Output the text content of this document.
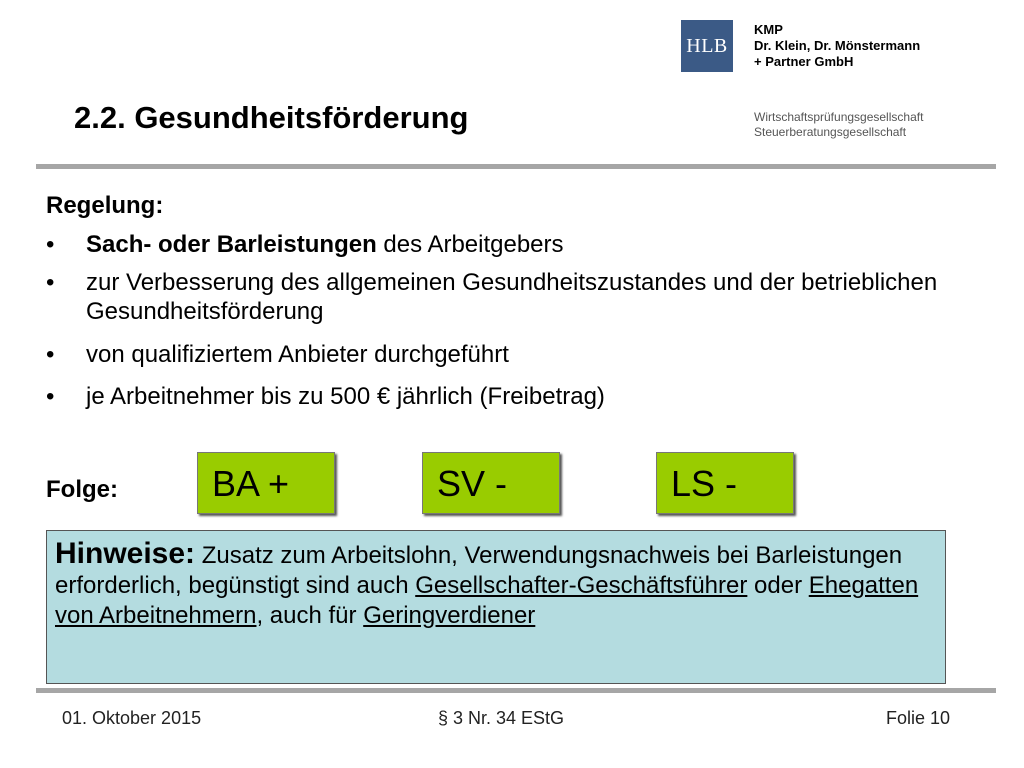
HLB
KMP
Dr. Klein, Dr. Mönstermann
+ Partner GmbH
Wirtschaftsprüfungsgesellschaft
Steuerberatungsgesellschaft
2.2. Gesundheitsförderung
Regelung:
•	Sach- oder Barleistungen des Arbeitgebers
•	zur Verbesserung des allgemeinen Gesundheitszustandes und der betrieblichen Gesundheitsförderung
•	von qualifiziertem Anbieter durchgeführt
•	je Arbeitnehmer bis zu 500 € jährlich (Freibetrag)
Folge:	BA +	SV -	LS -
Hinweise: Zusatz zum Arbeitslohn, Verwendungsnachweis bei Barleistungen erforderlich, begünstigt sind auch Gesellschafter-Geschäftsführer oder Ehegatten von Arbeitnehmern, auch für Geringverdiener
01. Oktober 2015	§ 3 Nr. 34 EStG	Folie 10
